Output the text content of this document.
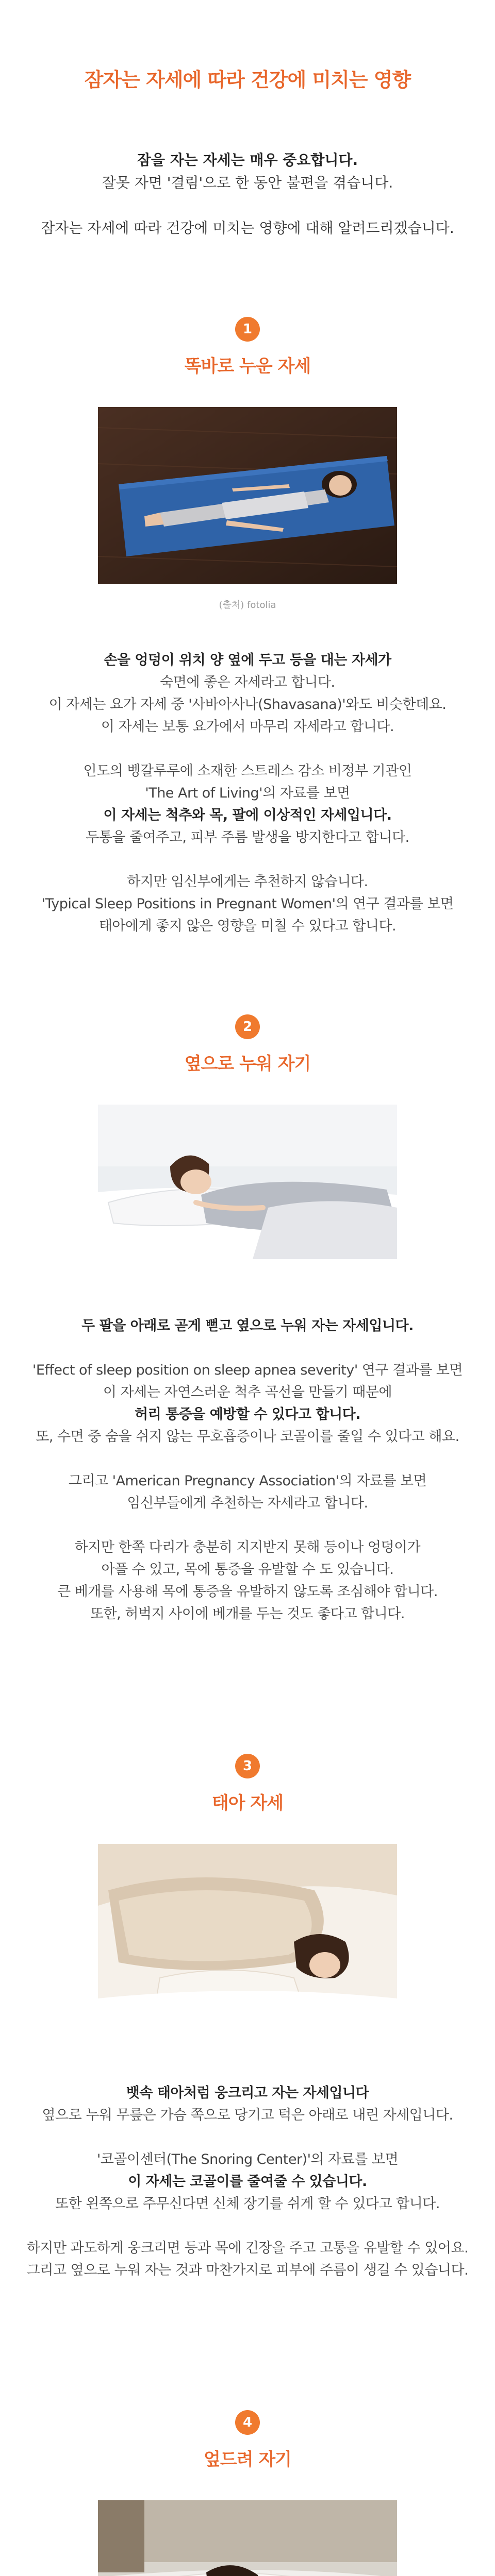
잠자는 자세에 따라 건강에 미치는 영향

잠을 자는 자세는 매우 중요합니다.

잘못 자면 '결림'으로 한 동안 불편을 겪습니다.

잠자는 자세에 따라 건강에 미치는 영향에 대해 알려드리겠습니다.

1
똑바로 누운 자세
(출처) fotolia

손을 엉덩이 위치 양 옆에 두고 등을 대는 자세가

숙면에 좋은 자세라고 합니다.

이 자세는 요가 자세 중 '사바아사나(Shavasana)'와도 비슷한데요.

이 자세는 보통 요가에서 마무리 자세라고 합니다.

인도의 벵갈루루에 소재한 스트레스 감소 비정부 기관인

'The Art of Living'의 자료를 보면

이 자세는 척추와 목, 팔에 이상적인 자세입니다.

두통을 줄여주고, 피부 주름 발생을 방지한다고 합니다.

하지만 임신부에게는 추천하지 않습니다.

'Typical Sleep Positions in Pregnant Women'의 연구 결과를 보면

태아에게 좋지 않은 영향을 미칠 수 있다고 합니다.

2
옆으로 누워 자기

두 팔을 아래로 곧게 뻗고 옆으로 누워 자는 자세입니다.

'Effect of sleep position on sleep apnea severity' 연구 결과를 보면

이 자세는 자연스러운 척추 곡선을 만들기 때문에

허리 통증을 예방할 수 있다고 합니다.

또, 수면 중 숨을 쉬지 않는 무호흡증이나 코골이를 줄일 수 있다고 해요.

그리고 'American Pregnancy Association'의 자료를 보면

임신부들에게 추천하는 자세라고 합니다.

하지만 한쪽 다리가 충분히 지지받지 못해 등이나 엉덩이가

아플 수 있고, 목에 통증을 유발할 수 도 있습니다.

큰 베개를 사용해 목에 통증을 유발하지 않도록 조심해야 합니다.

또한, 허벅지 사이에 베개를 두는 것도 좋다고 합니다.

3
태아 자세

뱃속 태아처럼 웅크리고 자는 자세입니다

옆으로 누워 무릎은 가슴 쪽으로 당기고 턱은 아래로 내린 자세입니다.

'코골이센터(The Snoring Center)'의 자료를 보면

이 자세는 코골이를 줄여줄 수 있습니다.

또한 왼쪽으로 주무신다면 신체 장기를 쉬게 할 수 있다고 합니다.

하지만 과도하게 웅크리면 등과 목에 긴장을 주고 고통을 유발할 수 있어요.

그리고 옆으로 누워 자는 것과 마찬가지로 피부에 주름이 생길 수 있습니다.

4
엎드려 자기
